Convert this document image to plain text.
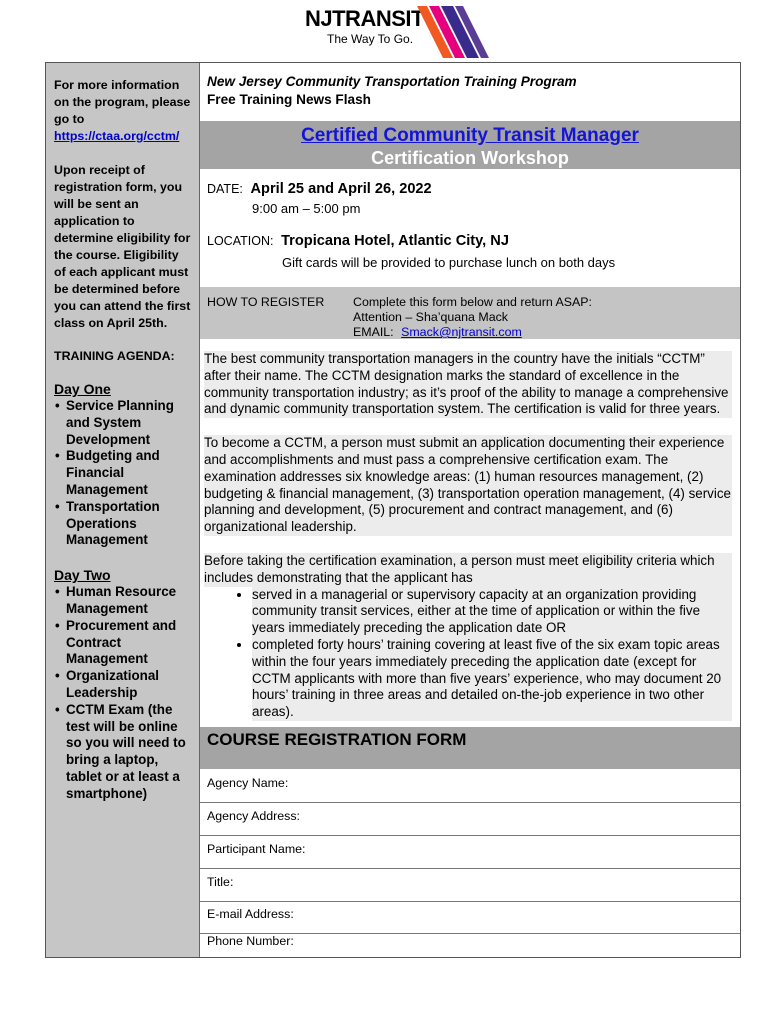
NJTRANSIT
The Way To Go.

For more information on the program, please go to

https://ctaa.org/cctm/

Upon receipt of registration form, you will be sent an application to determine eligibility for the course. Eligibility of each applicant must be determined before you can attend the first class on April 25th.

TRAINING AGENDA:

Day One

• Service Planning and System Development
• Budgeting and Financial Management
• Transportation Operations Management

Day Two

• Human Resource Management
• Procurement and Contract Management
• Organizational Leadership
• CCTM Exam (the test will be online so you will need to bring a laptop, tablet or at least a smartphone)
New Jersey Community Transportation Training Program
Free Training News Flash
Certified Community Transit Manager
Certification Workshop
DATE: April 25 and April 26, 2022
9:00 am – 5:00 pm
LOCATION: Tropicana Hotel, Atlantic City, NJ
Gift cards will be provided to purchase lunch on both days
HOW TO REGISTER Complete this form below and return ASAP:
Attention – Sha’quana Mack
EMAIL: Smack@njtransit.com

The best community transportation managers in the country have the initials “CCTM” after their name. The CCTM designation marks the standard of excellence in the community transportation industry; as it’s proof of the ability to manage a comprehensive and dynamic community transportation system. The certification is valid for three years.

To become a CCTM, a person must submit an application documenting their experience and accomplishments and must pass a comprehensive certification exam. The examination addresses six knowledge areas: (1) human resources management, (2) budgeting & financial management, (3) transportation operation management, (4) service planning and development, (5) procurement and contract management, and (6) organizational leadership.

Before taking the certification examination, a person must meet eligibility criteria which includes demonstrating that the applicant has

• served in a managerial or supervisory capacity at an organization providing community transit services, either at the time of application or within the five years immediately preceding the application date OR
• completed forty hours’ training covering at least five of the six exam topic areas within the four years immediately preceding the application date (except for CCTM applicants with more than five years’ experience, who may document 20 hours’ training in three areas and detailed on-the-job experience in two other areas).
COURSE REGISTRATION FORM
Agency Name:
Agency Address:
Participant Name:
Title:
E-mail Address:
Phone Number:
